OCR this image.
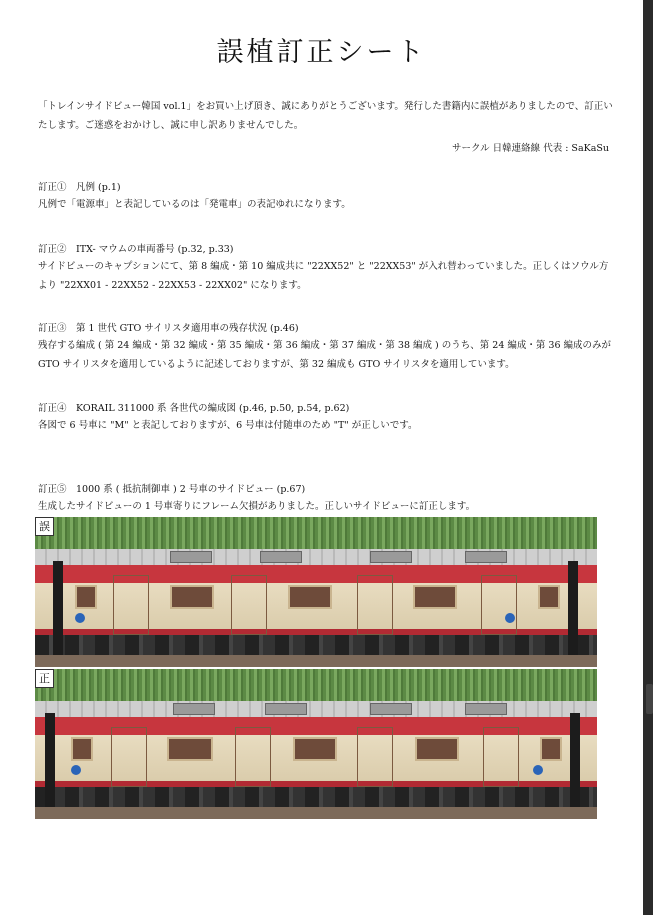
誤植訂正シート
「トレインサイドビュー韓国 vol.1」をお買い上げ頂き、誠にありがとうございます。発行した書籍内に誤植がありましたので、訂正いたします。ご迷惑をおかけし、誠に申し訳ありませんでした。
サークル 日韓連絡線 代表 : SaKaSu
訂正①　凡例 (p.1)
凡例で「電源車」と表記しているのは「発電車」の表記ゆれになります。
訂正②　ITX- マウムの車両番号 (p.32, p.33)
サイドビューのキャプションにて、第 8 編成・第 10 編成共に "22XX52" と "22XX53" が入れ替わっていました。正しくはソウル方より "22XX01 - 22XX52 - 22XX53 - 22XX02" になります。
訂正③　第 1 世代 GTO サイリスタ適用車の残存状況 (p.46)
残存する編成 ( 第 24 編成・第 32 編成・第 35 編成・第 36 編成・第 37 編成・第 38 編成 ) のうち、第 24 編成・第 36 編成のみが GTO サイリスタを適用しているように記述しておりますが、第 32 編成も GTO サイリスタを適用しています。
訂正④　KORAIL 311000 系 各世代の編成図 (p.46, p.50, p.54, p.62)
各図で 6 号車に "M" と表記しておりますが、6 号車は付随車のため "T" が正しいです。
訂正⑤　1000 系 ( 抵抗制御車 ) 2 号車のサイドビュー (p.67)
生成したサイドビューの 1 号車寄りにフレーム欠損がありました。正しいサイドビューに訂正します。
誤
正
